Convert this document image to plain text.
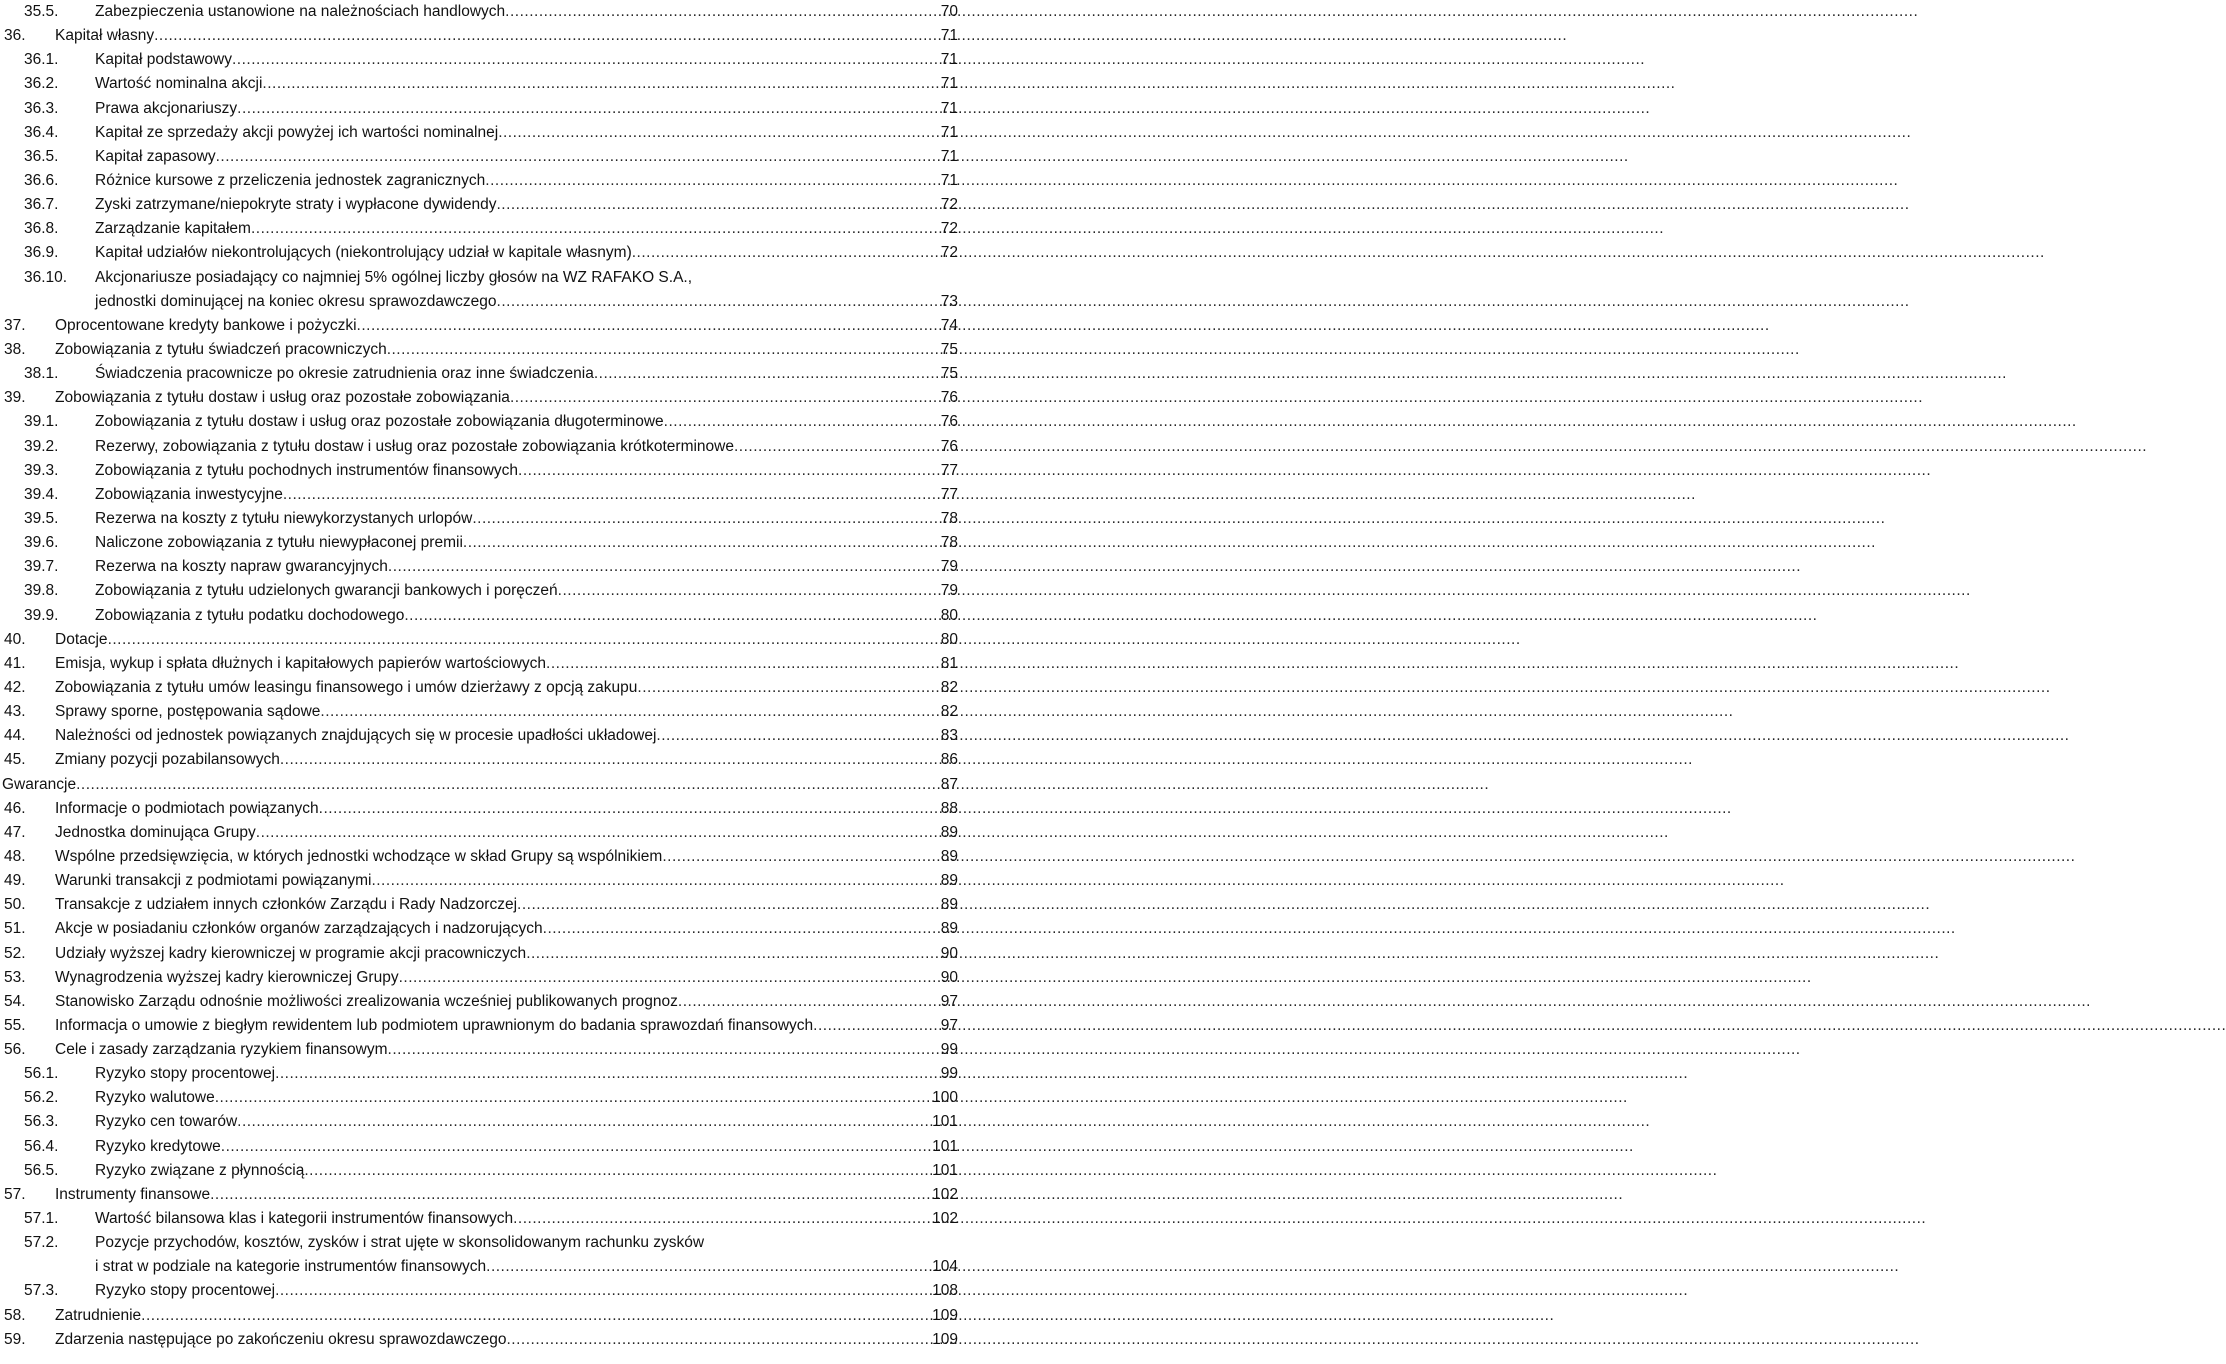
35.5. Zabezpieczenia ustanowione na należnościach handlowych .....	70
36. Kapitał własny .....	71
36.1. Kapitał podstawowy .....	71
36.2. Wartość nominalna akcji .....	71
36.3. Prawa akcjonariuszy .....	71
36.4. Kapitał ze sprzedaży akcji powyżej ich wartości nominalnej .....	71
36.5. Kapitał zapasowy .....	71
36.6. Różnice kursowe z przeliczenia jednostek zagranicznych .....	71
36.7. Zyski zatrzymane/niepokryte straty i wypłacone dywidendy .....	72
36.8. Zarządzanie kapitałem .....	72
36.9. Kapitał udziałów niekontrolujących (niekontrolujący udział w kapitale własnym) .....	72
36.10. Akcjonariusze posiadający co najmniej 5% ogólnej liczby głosów na WZ RAFAKO S.A.,
jednostki dominującej na koniec okresu sprawozdawczego .....	73
37. Oprocentowane kredyty bankowe i pożyczki .....	74
38. Zobowiązania z tytułu świadczeń pracowniczych .....	75
38.1. Świadczenia pracownicze po okresie zatrudnienia oraz inne świadczenia .....	75
39. Zobowiązania z tytułu dostaw i usług oraz pozostałe zobowiązania .....	76
39.1. Zobowiązania z tytułu dostaw i usług oraz pozostałe zobowiązania długoterminowe .....	76
39.2. Rezerwy, zobowiązania z tytułu dostaw i usług oraz pozostałe zobowiązania krótkoterminowe .....	76
39.3. Zobowiązania z tytułu pochodnych instrumentów finansowych .....	77
39.4. Zobowiązania inwestycyjne .....	77
39.5. Rezerwa na koszty z tytułu niewykorzystanych urlopów .....	78
39.6. Naliczone zobowiązania z tytułu niewypłaconej premii .....	78
39.7. Rezerwa na koszty napraw gwarancyjnych .....	79
39.8. Zobowiązania z tytułu udzielonych gwarancji bankowych i poręczeń .....	79
39.9. Zobowiązania z tytułu podatku dochodowego .....	80
40. Dotacje .....	80
41. Emisja, wykup i spłata dłużnych i kapitałowych papierów wartościowych .....	81
42. Zobowiązania z tytułu umów leasingu finansowego i umów dzierżawy z opcją zakupu .....	82
43. Sprawy sporne, postępowania sądowe .....	82
44. Należności od jednostek powiązanych znajdujących się w procesie upadłości układowej .....	83
45. Zmiany pozycji pozabilansowych .....	86
Gwarancje .....	87
46. Informacje o podmiotach powiązanych .....	88
47. Jednostka dominująca Grupy .....	89
48. Wspólne przedsięwzięcia, w których jednostki wchodzące w skład Grupy są wspólnikiem .....	89
49. Warunki transakcji z podmiotami powiązanymi .....	89
50. Transakcje z udziałem innych członków Zarządu i Rady Nadzorczej .....	89
51. Akcje w posiadaniu członków organów zarządzających i nadzorujących .....	89
52. Udziały wyższej kadry kierowniczej w programie akcji pracowniczych .....	90
53. Wynagrodzenia wyższej kadry kierowniczej Grupy .....	90
54. Stanowisko Zarządu odnośnie możliwości zrealizowania wcześniej publikowanych prognoz .....	97
55. Informacja o umowie z biegłym rewidentem lub podmiotem uprawnionym do badania sprawozdań finansowych .....	97
56. Cele i zasady zarządzania ryzykiem finansowym .....	99
56.1. Ryzyko stopy procentowej .....	99
56.2. Ryzyko walutowe .....	100
56.3. Ryzyko cen towarów .....	101
56.4. Ryzyko kredytowe .....	101
56.5. Ryzyko związane z płynnością .....	101
57. Instrumenty finansowe .....	102
57.1. Wartość bilansowa klas i kategorii instrumentów finansowych .....	102
57.2. Pozycje przychodów, kosztów, zysków i strat ujęte w skonsolidowanym rachunku zysków
i strat w podziale na kategorie instrumentów finansowych .....	104
57.3. Ryzyko stopy procentowej .....	108
58. Zatrudnienie .....	109
59. Zdarzenia następujące po zakończeniu okresu sprawozdawczego .....	109
